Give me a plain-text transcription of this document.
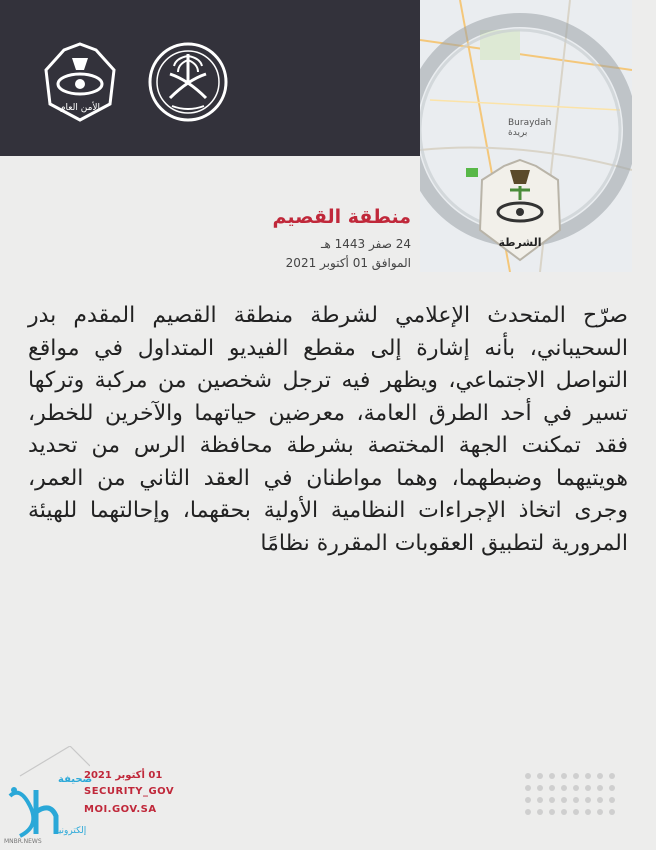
الأمن العام
الشرطة
Buraydah
بريدة
منطقة القصيم
24 صفر 1443 هـ
الموافق 01 أكتوبر 2021
صرّح المتحدث الإعلامي لشرطة منطقة القصيم المقدم بدر السحيباني، بأنه إشارة إلى مقطع الفيديو المتداول في مواقع التواصل الاجتماعي، ويظهر فيه ترجل شخصين من مركبة وتركها تسير في أحد الطرق العامة، معرضين حياتهما والآخرين للخطر، فقد تمكنت الجهة المختصة بشرطة محافظة الرس من تحديد هويتيهما وضبطهما، وهما مواطنان في العقد الثاني من العمر، وجرى اتخاذ الإجراءات النظامية الأولية بحقهما، وإحالتهما للهيئة المرورية لتطبيق العقوبات المقررة نظامًا
صحيفة
إلكترونية
MNBR.NEWS
01 أكتوبر 2021
SECURITY_GOV
MOI.GOV.SA
